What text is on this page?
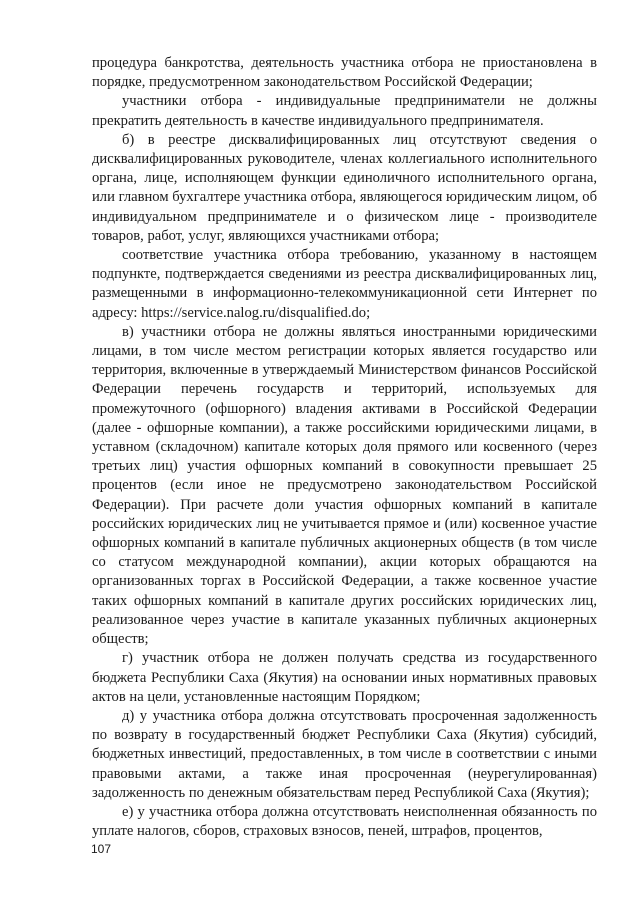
процедура банкротства, деятельность участника отбора не приостановлена в порядке, предусмотренном законодательством Российской Федерации;

участники отбора - индивидуальные предприниматели не должны прекратить деятельность в качестве индивидуального предпринимателя.

б) в реестре дисквалифицированных лиц отсутствуют сведения о дисквалифицированных руководителе, членах коллегиального исполнительного органа, лице, исполняющем функции единоличного исполнительного органа, или главном бухгалтере участника отбора, являющегося юридическим лицом, об индивидуальном предпринимателе и о физическом лице - производителе товаров, работ, услуг, являющихся участниками отбора;

соответствие участника отбора требованию, указанному в настоящем подпункте, подтверждается сведениями из реестра дисквалифицированных лиц, размещенными в информационно-телекоммуникационной сети Интернет по адресу: https://service.nalog.ru/disqualified.do;

в) участники отбора не должны являться иностранными юридическими лицами, в том числе местом регистрации которых является государство или территория, включенные в утверждаемый Министерством финансов Российской Федерации перечень государств и территорий, используемых для промежуточного (офшорного) владения активами в Российской Федерации (далее - офшорные компании), а также российскими юридическими лицами, в уставном (складочном) капитале которых доля прямого или косвенного (через третьих лиц) участия офшорных компаний в совокупности превышает 25 процентов (если иное не предусмотрено законодательством Российской Федерации). При расчете доли участия офшорных компаний в капитале российских юридических лиц не учитывается прямое и (или) косвенное участие офшорных компаний в капитале публичных акционерных обществ (в том числе со статусом международной компании), акции которых обращаются на организованных торгах в Российской Федерации, а также косвенное участие таких офшорных компаний в капитале других российских юридических лиц, реализованное через участие в капитале указанных публичных акционерных обществ;

г) участник отбора не должен получать средства из государственного бюджета Республики Саха (Якутия) на основании иных нормативных правовых актов на цели, установленные настоящим Порядком;

д) у участника отбора должна отсутствовать просроченная задолженность по возврату в государственный бюджет Республики Саха (Якутия) субсидий, бюджетных инвестиций, предоставленных, в том числе в соответствии с иными правовыми актами, а также иная просроченная (неурегулированная) задолженность по денежным обязательствам перед Республикой Саха (Якутия);

е) у участника отбора должна отсутствовать неисполненная обязанность по уплате налогов, сборов, страховых взносов, пеней, штрафов, процентов,

107
